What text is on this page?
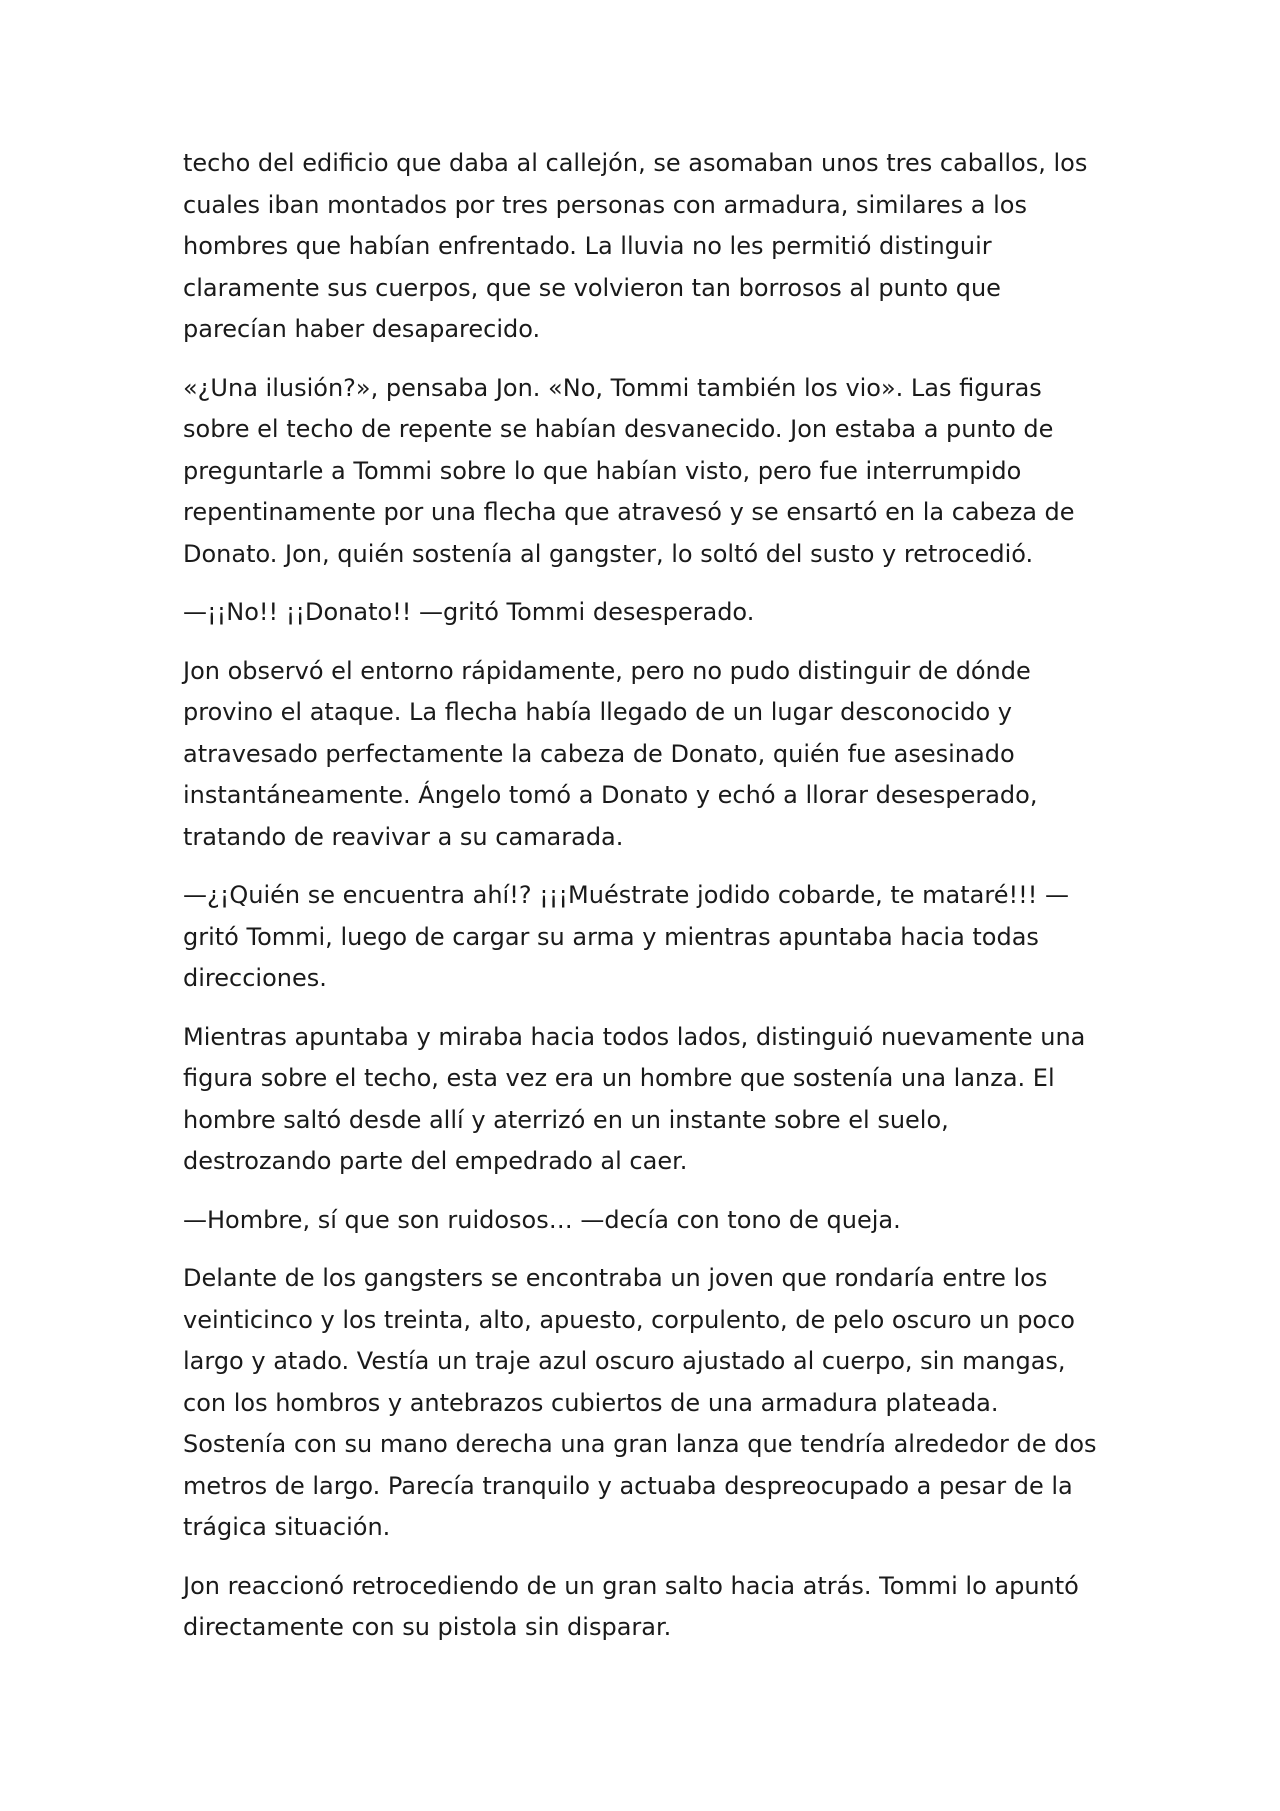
techo del edificio que daba al callejón, se asomaban unos tres caballos, los cuales iban montados por tres personas con armadura, similares a los hombres que habían enfrentado. La lluvia no les permitió distinguir claramente sus cuerpos, que se volvieron tan borrosos al punto que parecían haber desaparecido.

«¿Una ilusión?», pensaba Jon. «No, Tommi también los vio». Las figuras sobre el techo de repente se habían desvanecido. Jon estaba a punto de preguntarle a Tommi sobre lo que habían visto, pero fue interrumpido repentinamente por una flecha que atravesó y se ensartó en la cabeza de Donato. Jon, quién sostenía al gangster, lo soltó del susto y retrocedió.

—¡¡No!! ¡¡Donato!! —gritó Tommi desesperado.

Jon observó el entorno rápidamente, pero no pudo distinguir de dónde provino el ataque. La flecha había llegado de un lugar desconocido y atravesado perfectamente la cabeza de Donato, quién fue asesinado instantáneamente. Ángelo tomó a Donato y echó a llorar desesperado, tratando de reavivar a su camarada.

—¿¡Quién se encuentra ahí!? ¡¡¡Muéstrate jodido cobarde, te mataré!!! —gritó Tommi, luego de cargar su arma y mientras apuntaba hacia todas direcciones.

Mientras apuntaba y miraba hacia todos lados, distinguió nuevamente una figura sobre el techo, esta vez era un hombre que sostenía una lanza. El hombre saltó desde allí y aterrizó en un instante sobre el suelo, destrozando parte del empedrado al caer.

—Hombre, sí que son ruidosos… —decía con tono de queja.

Delante de los gangsters se encontraba un joven que rondaría entre los veinticinco y los treinta, alto, apuesto, corpulento, de pelo oscuro un poco largo y atado. Vestía un traje azul oscuro ajustado al cuerpo, sin mangas, con los hombros y antebrazos cubiertos de una armadura plateada. Sostenía con su mano derecha una gran lanza que tendría alrededor de dos metros de largo. Parecía tranquilo y actuaba despreocupado a pesar de la trágica situación.

Jon reaccionó retrocediendo de un gran salto hacia atrás. Tommi lo apuntó directamente con su pistola sin disparar.
